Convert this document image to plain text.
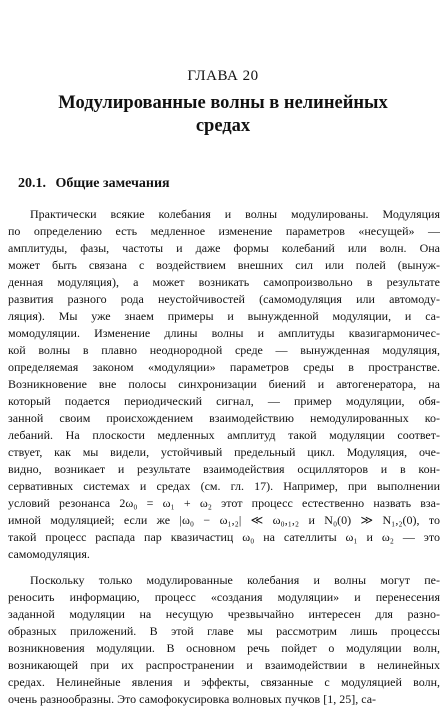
ГЛАВА 20
Модулированные волны в нелинейных
средах
20.1. Общие замечания
Практически всякие колебания и волны модулированы. Модуляция
по определению есть медленное изменение параметров «несущей» —
амплитуды, фазы, частоты и даже формы колебаний или волн. Она
может быть связана с воздействием внешних сил или полей (вынуж-
денная модуляция), а может возникать самопроизвольно в результате
развития разного рода неустойчивостей (самомодуляция или автомоду-
ляция). Мы уже знаем примеры и вынужденной модуляции, и са-
момодуляции. Изменение длины волны и амплитуды квазигармоничес-
кой волны в плавно неоднородной среде — вынужденная модуляция,
определяемая законом «модуляции» параметров среды в пространстве.
Возникновение вне полосы синхронизации биений и автогенератора, на
который подается периодический сигнал, — пример модуляции, обя-
занной своим происхождением взаимодействию немодулированных ко-
лебаний. На плоскости медленных амплитуд такой модуляции соответ-
ствует, как мы видели, устойчивый предельный цикл. Модуляция, оче-
видно, возникает и результате взаимодействия осцилляторов и в кон-
сервативных системах и средах (см. гл. 17). Например, при выполнении
условий резонанса 2ω₀ = ω₁ + ω₂ этот процесс естественно назвать вза-
имной модуляцией; если же |ω₀ − ω₁,₂| ≪ ω₀,₁,₂ и N₀(0) ≫ N₁,₂(0), то
такой процесс распада пар квазичастиц ω₀ на сателлиты ω₁ и ω₂ — это
самомодуляция.
Поскольку только модулированные колебания и волны могут пе-
реносить информацию, процесс «создания модуляции» и перенесения
заданной модуляции на несущую чрезвычайно интересен для разно-
образных приложений. В этой главе мы рассмотрим лишь процессы
возникновения модуляции. В основном речь пойдет о модуляции волн,
возникающей при их распространении и взаимодействии в нелинейных
средах. Нелинейные явления и эффекты, связанные с модуляцией волн,
очень разнообразны. Это самофокусировка волновых пучков [1, 25], са-
